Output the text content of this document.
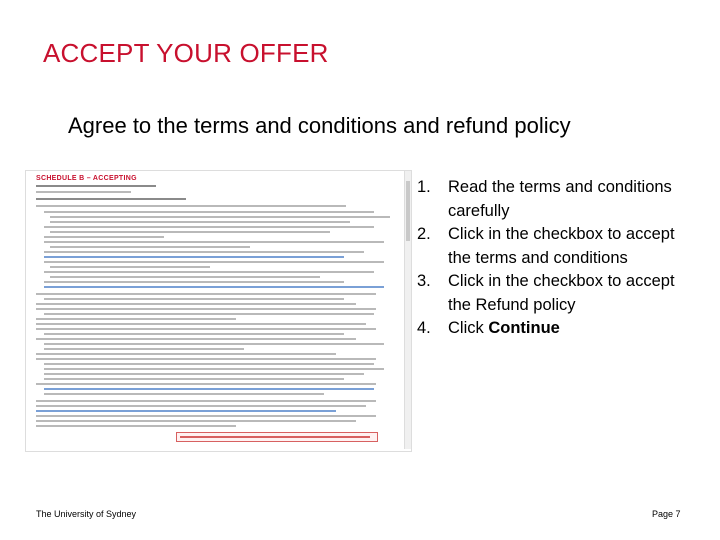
ACCEPT YOUR OFFER
Agree to the terms and conditions and refund policy
SCHEDULE B – ACCEPTING	1. Read the terms and conditions carefully
2. Click in the checkbox to accept the terms and conditions
3. Click in the checkbox to accept the Refund policy
4. Click Continue
The University of Sydney	Page 7
